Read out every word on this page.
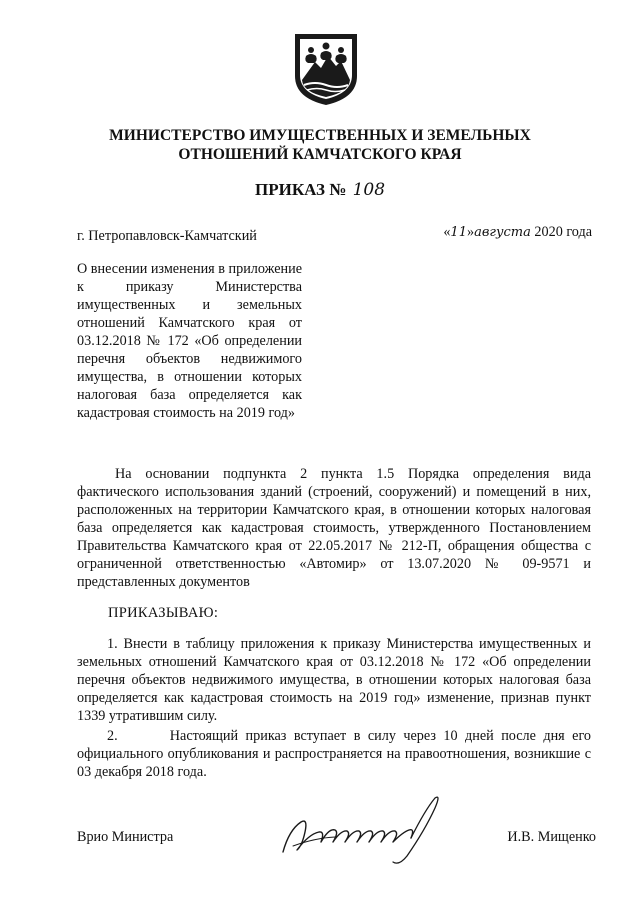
МИНИСТЕРСТВО ИМУЩЕСТВЕННЫХ И ЗЕМЕЛЬНЫХ
ОТНОШЕНИЙ КАМЧАТСКОГО КРАЯ
ПРИКАЗ № 108
г. Петропавловск-Камчатский	«11»августа 2020 года
О внесении изменения в приложение к приказу Министерства имущественных и земельных отношений Камчатского края от 03.12.2018 № 172 «Об определении перечня объектов недвижимого имущества, в отношении которых налоговая база определяется как кадастровая стоимость на 2019 год»
На основании подпункта 2 пункта 1.5 Порядка определения вида фактического использования зданий (строений, сооружений) и помещений в них, расположенных на территории Камчатского края, в отношении которых налоговая база определяется как кадастровая стоимость, утвержденного Постановлением Правительства Камчатского края от 22.05.2017 № 212-П, обращения общества с ограниченной ответственностью «Автомир» от 13.07.2020 № 09-9571 и представленных документов
ПРИКАЗЫВАЮ:
1. Внести в таблицу приложения к приказу Министерства имущественных и земельных отношений Камчатского края от 03.12.2018 № 172 «Об определении перечня объектов недвижимого имущества, в отношении которых налоговая база определяется как кадастровая стоимость на 2019 год» изменение, признав пункт 1339 утратившим силу.
2.       Настоящий приказ вступает в силу через 10 дней после дня его официального опубликования и распространяется на правоотношения, возникшие с 03 декабря 2018 года.
Врио Министра	И.В. Мищенко
